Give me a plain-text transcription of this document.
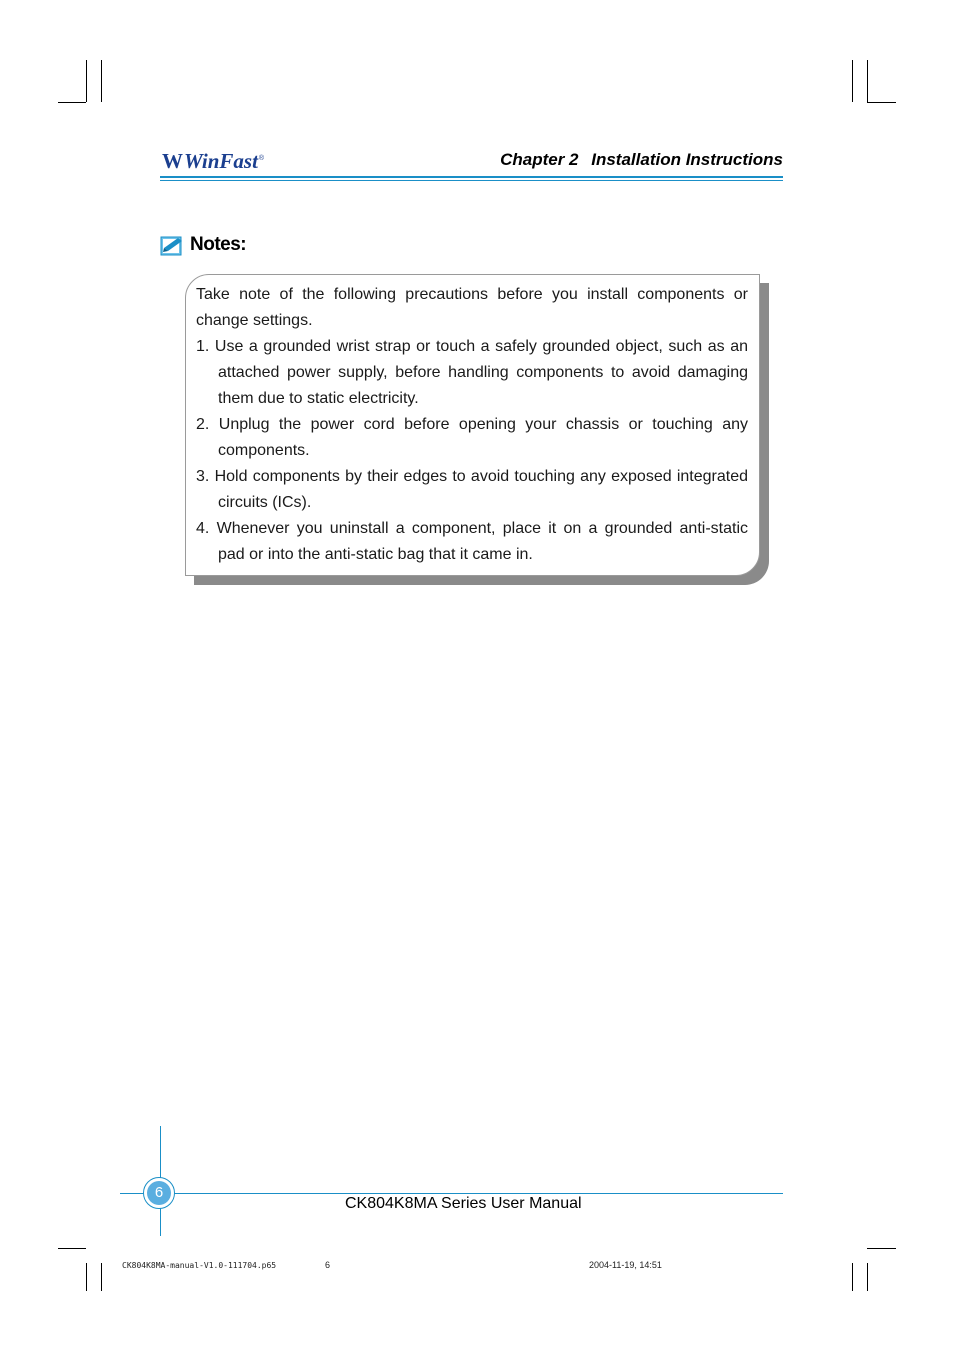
W WinFast ®	Chapter 2 Installation Instructions
Notes:

Take note of the following precautions before you install components or change settings.

1. Use a grounded wrist strap or touch a safely grounded object, such as an attached power supply, before handling components to avoid damaging them due to static electricity.
2. Unplug the power cord before opening your chassis or touching any components.
3. Hold components by their edges to avoid touching any exposed integrated circuits (ICs).
4. Whenever you uninstall a component, place it on a grounded anti-static pad or into the anti-static bag that it came in.
6
CK804K8MA Series User Manual
CK804K8MA-manual-V1.0-111704.p65	6	2004-11-19, 14:51
